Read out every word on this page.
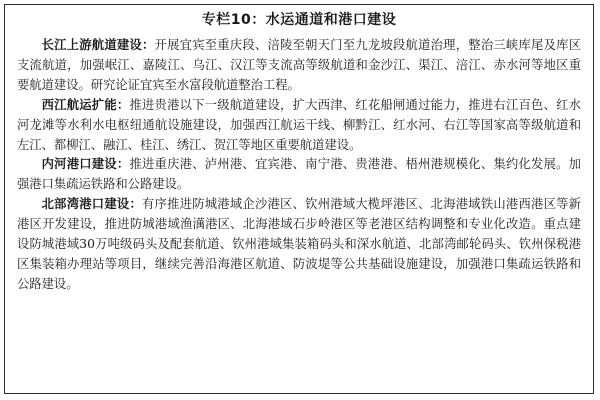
专栏10：水运通道和港口建设

长江上游航道建设：开展宜宾至重庆段、涪陵至朝天门至九龙坡段航道治理，整治三峡库尾及库区支流航道，加强岷江、嘉陵江、乌江、汉江等支流高等级航道和金沙江、渠江、涪江、赤水河等地区重要航道建设。研究论证宜宾至水富段航道整治工程。

西江航运扩能：推进贵港以下一级航道建设，扩大西津、红花船闸通过能力，推进右江百色、红水河龙滩等水利水电枢纽通航设施建设，加强西江航运干线、柳黔江、红水河、右江等国家高等级航道和左江、都柳江、融江、桂江、绣江、贺江等地区重要航道建设。

内河港口建设：推进重庆港、泸州港、宜宾港、南宁港、贵港港、梧州港规模化、集约化发展。加强港口集疏运铁路和公路建设。

北部湾港口建设：有序推进防城港域企沙港区、钦州港域大榄坪港区、北海港域铁山港西港区等新港区开发建设，推进防城港域渔澫港区、北海港域石步岭港区等老港区结构调整和专业化改造。重点建设防城港域30万吨级码头及配套航道、钦州港域集装箱码头和深水航道、北部湾邮轮码头、钦州保税港区集装箱办理站等项目，继续完善沿海港区航道、防波堤等公共基础设施建设，加强港口集疏运铁路和公路建设。
